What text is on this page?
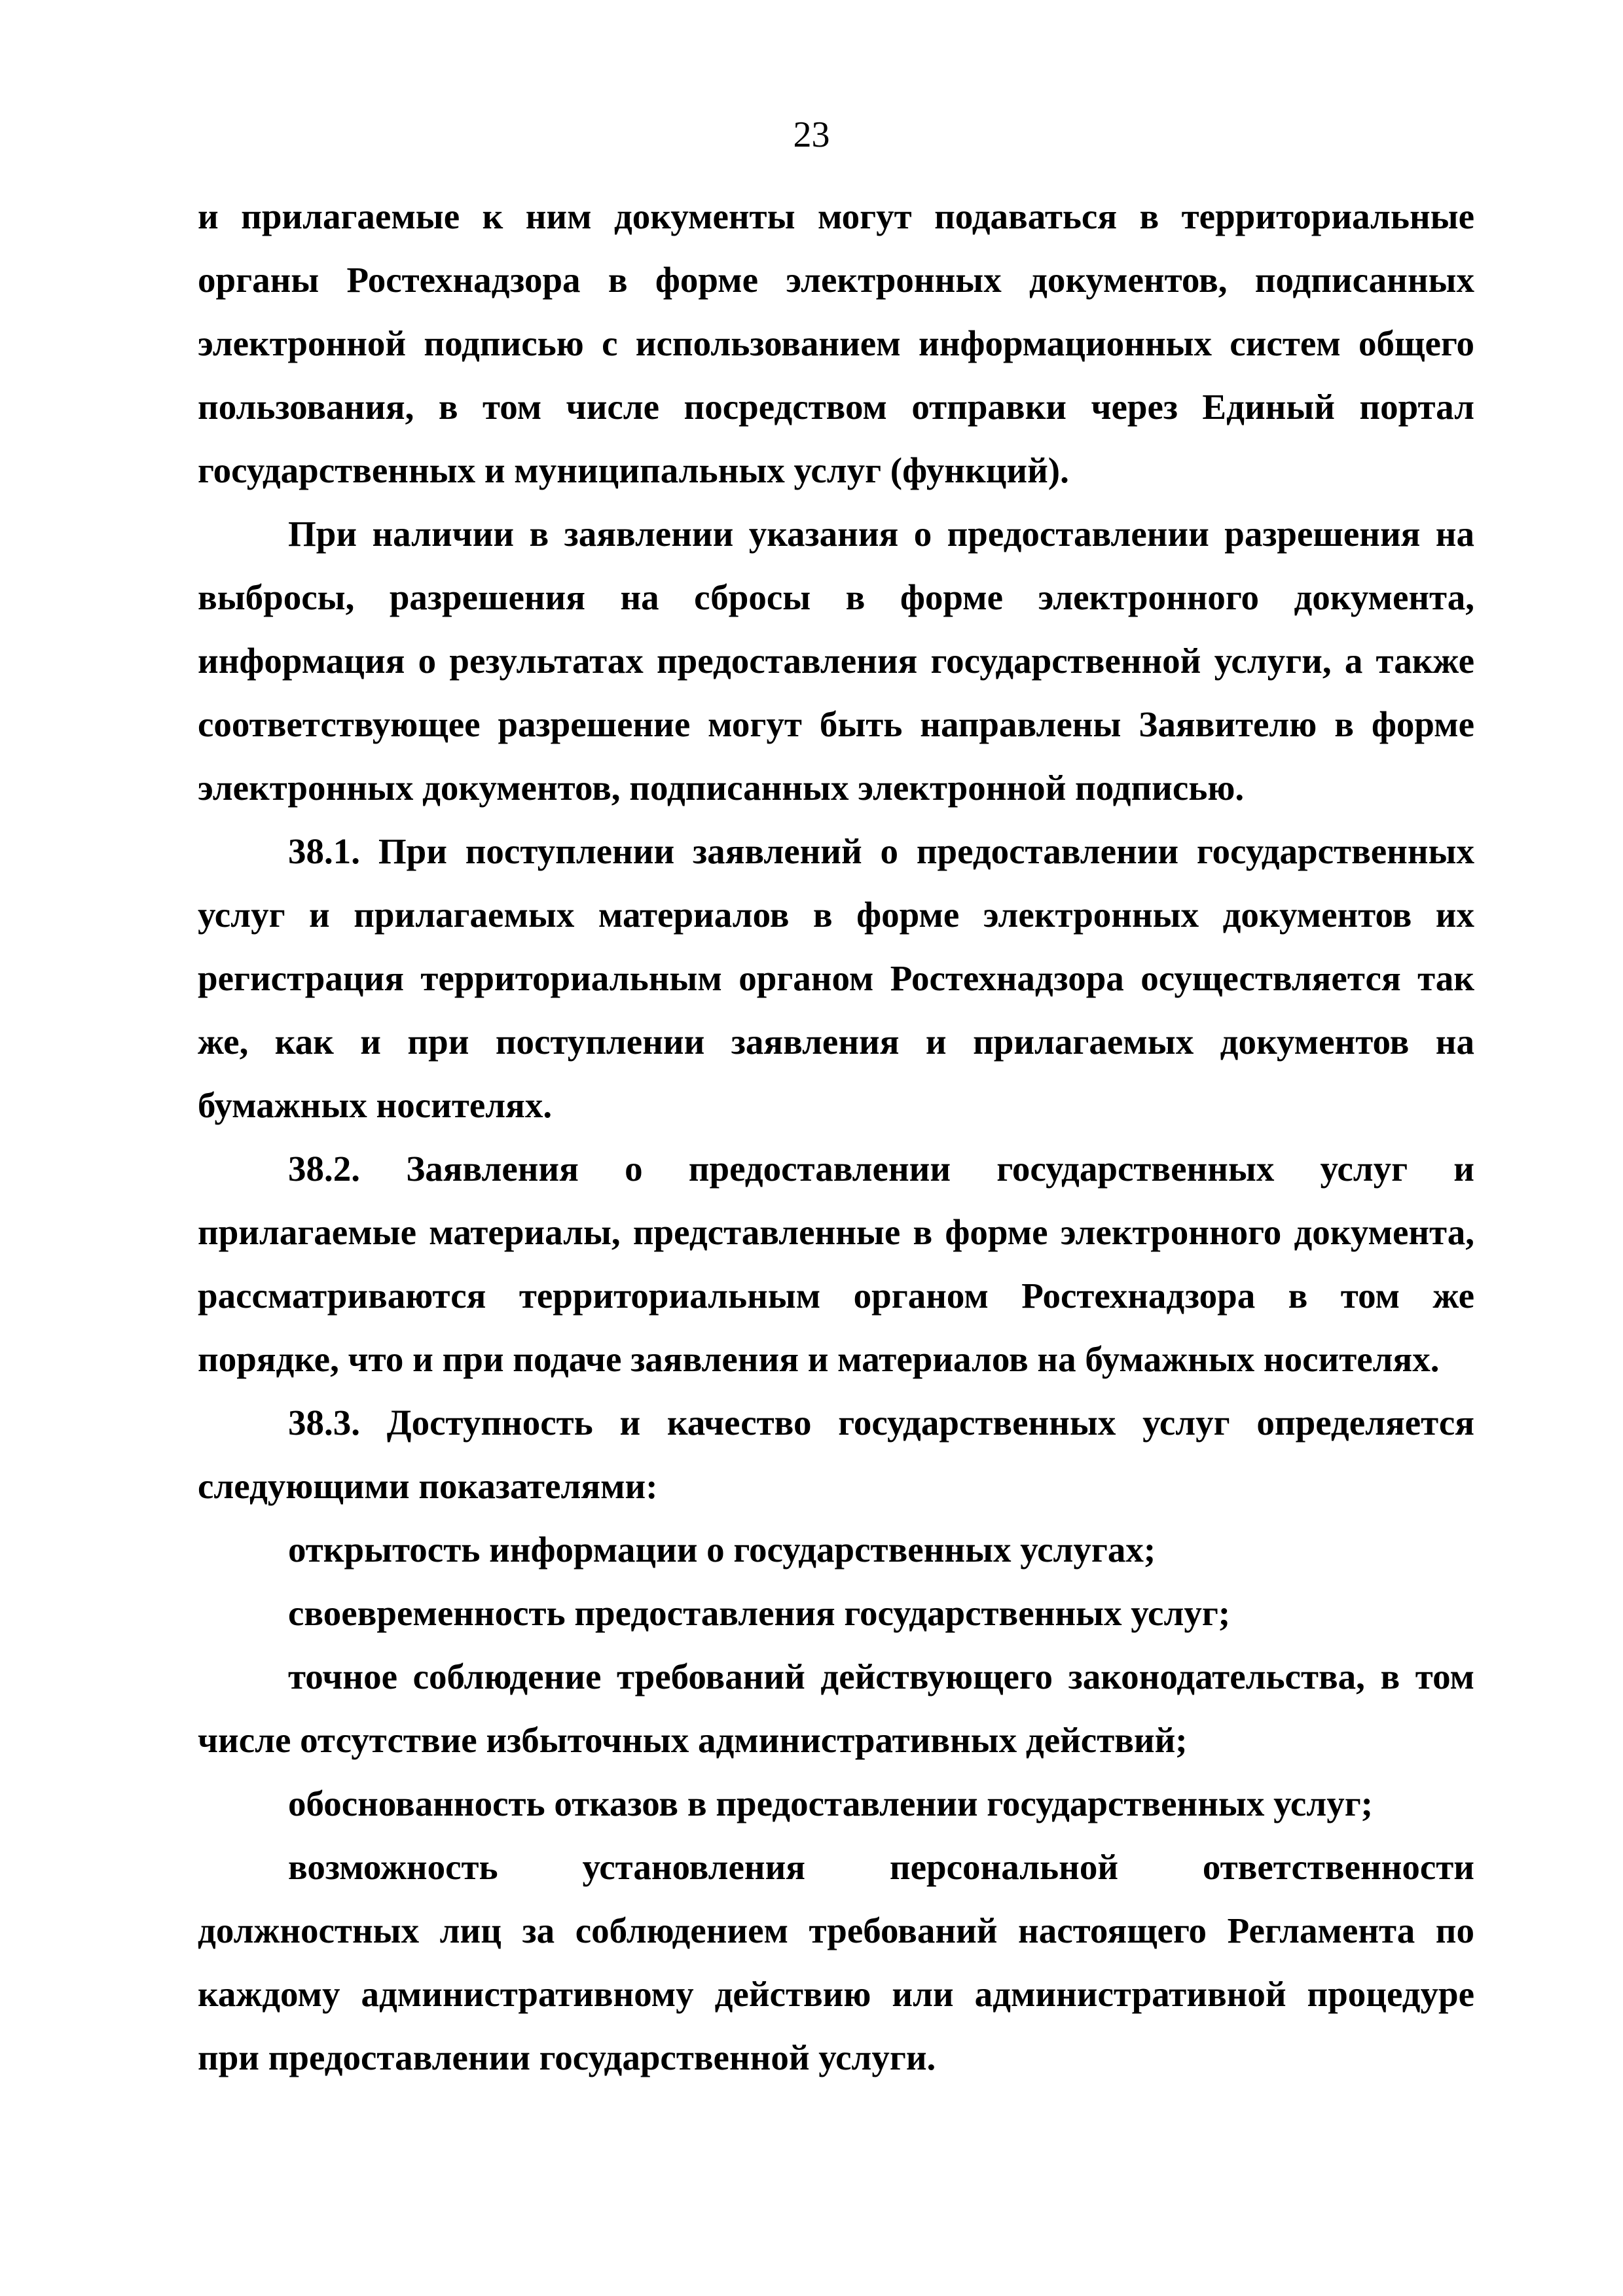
23

и прилагаемые к ним документы могут подаваться в территориальные органы Ростехнадзора в форме электронных документов, подписанных электронной подписью с использованием информационных систем общего пользования, в том числе посредством отправки через Единый портал государственных и муниципальных услуг (функций).

При наличии в заявлении указания о предоставлении разрешения на выбросы, разрешения на сбросы в форме электронного документа, информация о результатах предоставления государственной услуги, а также соответствующее разрешение могут быть направлены Заявителю в форме электронных документов, подписанных электронной подписью.

38.1. При поступлении заявлений о предоставлении государственных услуг и прилагаемых материалов в форме электронных документов их регистрация территориальным органом Ростехнадзора осуществляется так же, как и при поступлении заявления и прилагаемых документов на бумажных носителях.

38.2. Заявления о предоставлении государственных услуг и прилагаемые материалы, представленные в форме электронного документа, рассматриваются территориальным органом Ростехнадзора в том же порядке, что и при подаче заявления и материалов на бумажных носителях.

38.3. Доступность и качество государственных услуг определяется следующими показателями:

открытость информации о государственных услугах;

своевременность предоставления государственных услуг;

точное соблюдение требований действующего законодательства, в том числе отсутствие избыточных административных действий;

обоснованность отказов в предоставлении государственных услуг;

возможность установления персональной ответственности должностных лиц за соблюдением требований настоящего Регламента по каждому административному действию или административной процедуре при предоставлении государственной услуги.
